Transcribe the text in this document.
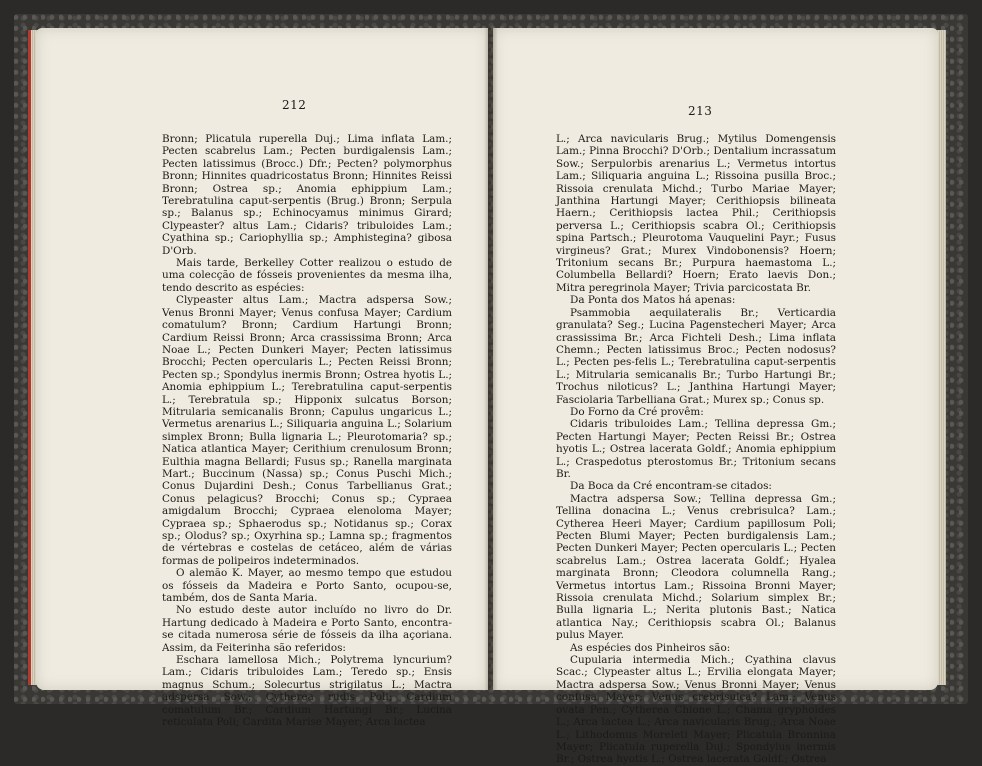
212	213

Bronn; Plicatula ruperella Duj.; Lima inflata Lam.; Pecten scabrelus Lam.; Pecten burdigalensis Lam.; Pecten latissimus (Brocc.) Dfr.; Pecten? polymorphus Bronn; Hinnites quadricostatus Bronn; Hinnites Reissi Bronn; Ostrea sp.; Anomia ephippium Lam.; Terebratulina caput-serpentis (Brug.) Bronn; Serpula sp.; Balanus sp.; Echinocyamus minimus Girard; Clypeaster? altus Lam.; Cidaris? tribuloides Lam.; Cyathina sp.; Cariophyllia sp.; Amphistegina? gibosa D'Orb.

Mais tarde, Berkelley Cotter realizou o estudo de uma colecção de fósseis provenientes da mesma ilha, tendo descrito as espécies:

Clypeaster altus Lam.; Mactra adspersa Sow.; Venus Bronni Mayer; Venus confusa Mayer; Cardium comatulum? Bronn; Cardium Hartungi Bronn; Cardium Reissi Bronn; Arca crassissima Bronn; Arca Noae L.; Pecten Dunkeri Mayer; Pecten latissimus Brocchi; Pecten opercularis L.; Pecten Reissi Bronn; Pecten sp.; Spondylus inermis Bronn; Ostrea hyotis L.; Anomia ephippium L.; Terebratulina caput-serpentis L.; Terebratula sp.; Hipponix sulcatus Borson; Mitrularia semicanalis Bronn; Capulus ungaricus L.; Vermetus arenarius L.; Siliquaria anguina L.; Solarium simplex Bronn; Bulla lignaria L.; Pleurotomaria? sp.; Natica atlantica Mayer; Cerithium crenulosum Bronn; Eulthia magna Bellardi; Fusus sp.; Ranella marginata Mart.; Buccinum (Nassa) sp.; Conus Puschi Mich.; Conus Dujardini Desh.; Conus Tarbellianus Grat.; Conus pelagicus? Brocchi; Conus sp.; Cypraea amigdalum Brocchi; Cypraea elenoloma Mayer; Cypraea sp.; Sphaerodus sp.; Notidanus sp.; Corax sp.; Olodus? sp.; Oxyrhina sp.; Lamna sp.; fragmentos de vértebras e costelas de cetáceo, além de várias formas de polipeiros indeterminados.

O alemão K. Mayer, ao mesmo tempo que estudou os fósseis da Madeira e Porto Santo, ocupou-se, também, dos de Santa Maria.

No estudo deste autor incluído no livro do Dr. Hartung dedicado à Madeira e Porto Santo, encontra-se citada numerosa série de fósseis da ilha açoriana. Assim, da Feiterinha são referidos:

Eschara lamellosa Mich.; Polytrema lyncurium? Lam.; Cidaris tribuloides Lam.; Teredo sp.; Ensis magnus Schum.; Solecurtus strigilatus L.; Mactra adspersa Sow.; Cytherea rudis Poli; Cardium comatulum Br.; Cardium Hartungi Br.; Lucina reticulata Poli; Cardita Marise Mayer; Arca lactea

L.; Arca navicularis Brug.; Mytilus Domengensis Lam.; Pinna Brocchi? D'Orb.; Dentalium incrassatum Sow.; Serpulorbis arenarius L.; Vermetus intortus Lam.; Siliquaria anguina L.; Rissoina pusilla Broc.; Rissoia crenulata Michd.; Turbo Mariae Mayer; Janthina Hartungi Mayer; Cerithiopsis bilineata Haern.; Cerithiopsis lactea Phil.; Cerithiopsis perversa L.; Cerithiopsis scabra Ol.; Cerithiopsis spina Partsch.; Pleurotoma Vauquelini Payr.; Fusus virgineus? Grat.; Murex Vindobonensis? Hoern; Tritonium secans Br.; Purpura haemastoma L.; Columbella Bellardi? Hoern; Erato laevis Don.; Mitra peregrinola Mayer; Trivia parcicostata Br.

Da Ponta dos Matos há apenas:

Psammobia aequilateralis Br.; Verticardia granulata? Seg.; Lucina Pagenstecheri Mayer; Arca crassissima Br.; Arca Fichteli Desh.; Lima inflata Chemn.; Pecten latissimus Broc.; Pecten nodosus? L.; Pecten pes-felis L.; Terebratulina caput-serpentis L.; Mitrularia semicanalis Br.; Turbo Hartungi Br.; Trochus niloticus? L.; Janthina Hartungi Mayer; Fasciolaria Tarbelliana Grat.; Murex sp.; Conus sp.

Do Forno da Cré provêm:

Cidaris tribuloides Lam.; Tellina depressa Gm.; Pecten Hartungi Mayer; Pecten Reissi Br.; Ostrea hyotis L.; Ostrea lacerata Goldf.; Anomia ephippium L.; Craspedotus pterostomus Br.; Tritonium secans Br.

Da Boca da Cré encontram-se citados:

Mactra adspersa Sow.; Tellina depressa Gm.; Tellina donacina L.; Venus crebrisulca? Lam.; Cytherea Heeri Mayer; Cardium papillosum Poli; Pecten Blumi Mayer; Pecten burdigalensis Lam.; Pecten Dunkeri Mayer; Pecten opercularis L.; Pecten scabrelus Lam.; Ostrea lacerata Goldf.; Hyalea marginata Bronn; Cleodora columnella Rang.; Vermetus intortus Lam.; Rissoina Bronni Mayer; Rissoia crenulata Michd.; Solarium simplex Br.; Bulla lignaria L.; Nerita plutonis Bast.; Natica atlantica Nay.; Cerithiopsis scabra Ol.; Balanus pulus Mayer.

As espécies dos Pinheiros são:

Cupularia intermedia Mich.; Cyathina clavus Scac.; Clypeaster altus L.; Ervilia elongata Mayer; Mactra adspersa Sow.; Venus Bronni Mayer; Venus confusa Mayer; Venus crebrisulca? Lam.; Venus ovata Pen.; Cytherea Chione L.; Chama gryphoides L.; Arca lactea L.; Arca navicularis Brug.; Arca Noae L.; Lithodomus Moreleti Mayer; Plicatula Bronnina Mayer; Plicatula ruperella Duj.; Spondylus inermis Br.; Ostrea hyotis L.; Ostrea lacerata Goldf.; Ostrea
